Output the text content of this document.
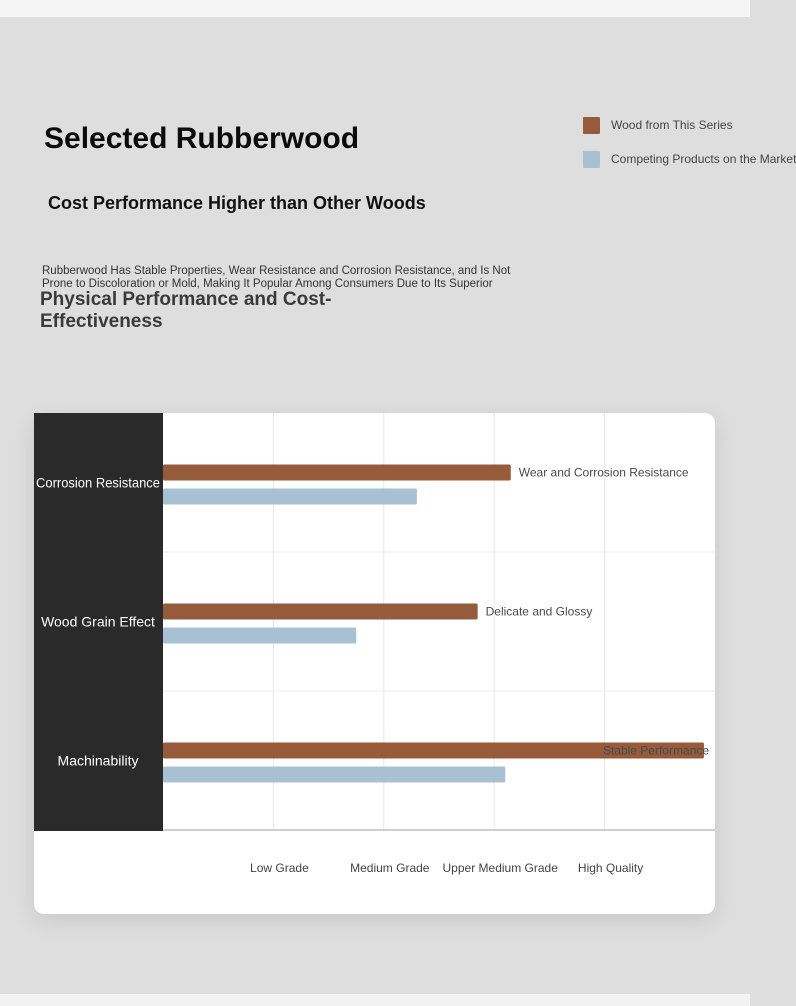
Selected Rubberwood
Cost Performance Higher than Other Woods

Rubberwood Has Stable Properties, Wear Resistance and Corrosion Resistance, and Is Not Prone to Discoloration or Mold, Making It Popular Among Consumers Due to Its Superior

Physical Performance and Cost-Effectiveness
Wood from This Series
Competing Products on the Market
Corrosion Resistance
Wear and Corrosion Resistance
Wood Grain Effect
Delicate and Glossy
Machinability
Stable Performance
Low Grade	Medium Grade Upper Medium Grade High Quality
